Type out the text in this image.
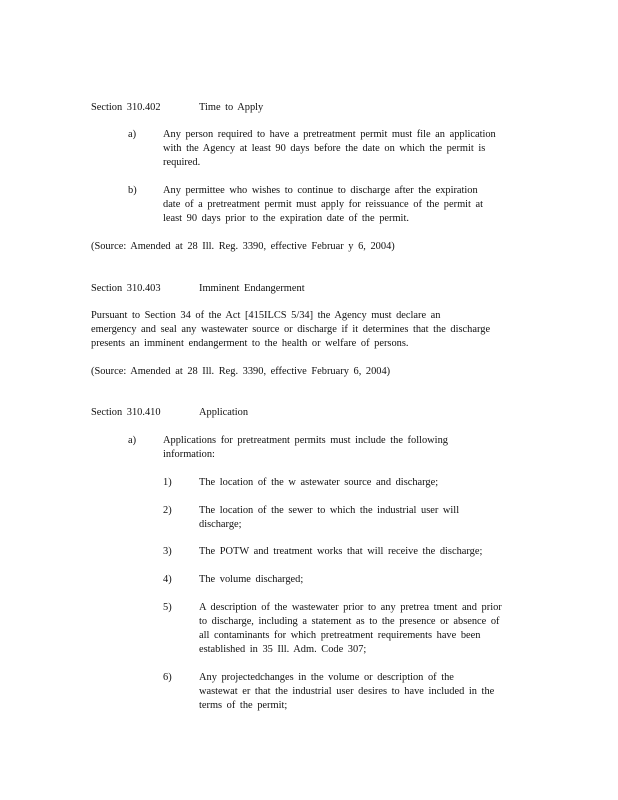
Section 310.402	Time to Apply
a)	Any person required to have a pretreatment permit must file an application
with the Agency at least 90 days before the date on which the permit is
required.
b)	Any permittee who wishes to continue to discharge after the expiration
date of a pretreatment permit must apply for reissuance of the permit at
least 90 days prior to the expiration date of the permit.
(Source: Amended at 28 Ill. Reg. 3390, effective Februar y 6, 2004)
Section 310.403	Imminent Endangerment
Pursuant to Section 34 of the Act [415ILCS 5/34] the Agency must declare an
emergency and seal any wastewater source or discharge if it determines that the discharge
presents an imminent endangerment to the health or welfare of persons.
(Source: Amended at 28 Ill. Reg. 3390, effective February 6, 2004)
Section 310.410	Application
a)	Applications for pretreatment permits must include the following
information:
1)	The location of the w astewater source and discharge;
2)	The location of the sewer to which the industrial user will
discharge;
3)	The POTW and treatment works that will receive the discharge;
4)	The volume discharged;
5)	A description of the wastewater prior to any pretrea tment and prior
to discharge, including a statement as to the presence or absence of
all contaminants for which pretreatment requirements have been
established in 35 Ill. Adm. Code 307;
6)	Any projectedchanges in the volume or description of the
wastewat er that the industrial user desires to have included in the
terms of the permit;
